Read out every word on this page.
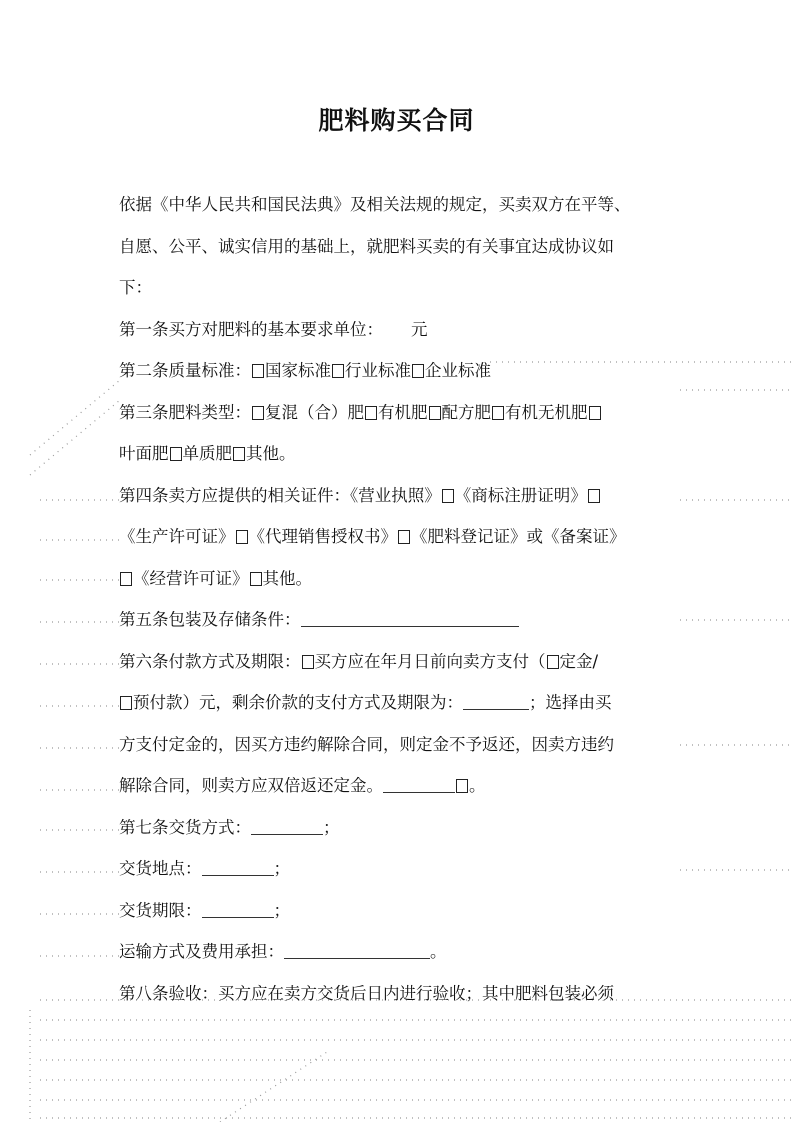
肥料购买合同
依据《中华人民共和国民法典》及相关法规的规定，买卖双方在平等、
自愿、公平、诚实信用的基础上，就肥料买卖的有关事宜达成协议如
下：
第一条买方对肥料的基本要求单位： 元
第二条质量标准： 国家标准 行业标准 企业标准
第三条肥料类型： 复混（合）肥 有机肥 配方肥 有机无机肥
叶面肥 单质肥 其他。
第四条卖方应提供的相关证件：《营业执照》 《商标注册证明》
《生产许可证》 《代理销售授权书》 《肥料登记证》或《备案证》
《经营许可证》 其他。
第五条包装及存储条件：
第六条付款方式及期限： 买方应在年月日前向卖方支付（ 定金/
预付款）元，剩余价款的支付方式及期限为：	；选择由买
方支付定金的，因买方违约解除合同，则定金不予返还，因卖方违约
解除合同，则卖方应双倍返还定金。	。
第七条交货方式：	；
交货地点：	；
交货期限：	；
运输方式及费用承担：	。
第八条验收：买方应在卖方交货后日内进行验收；其中肥料包装必须
